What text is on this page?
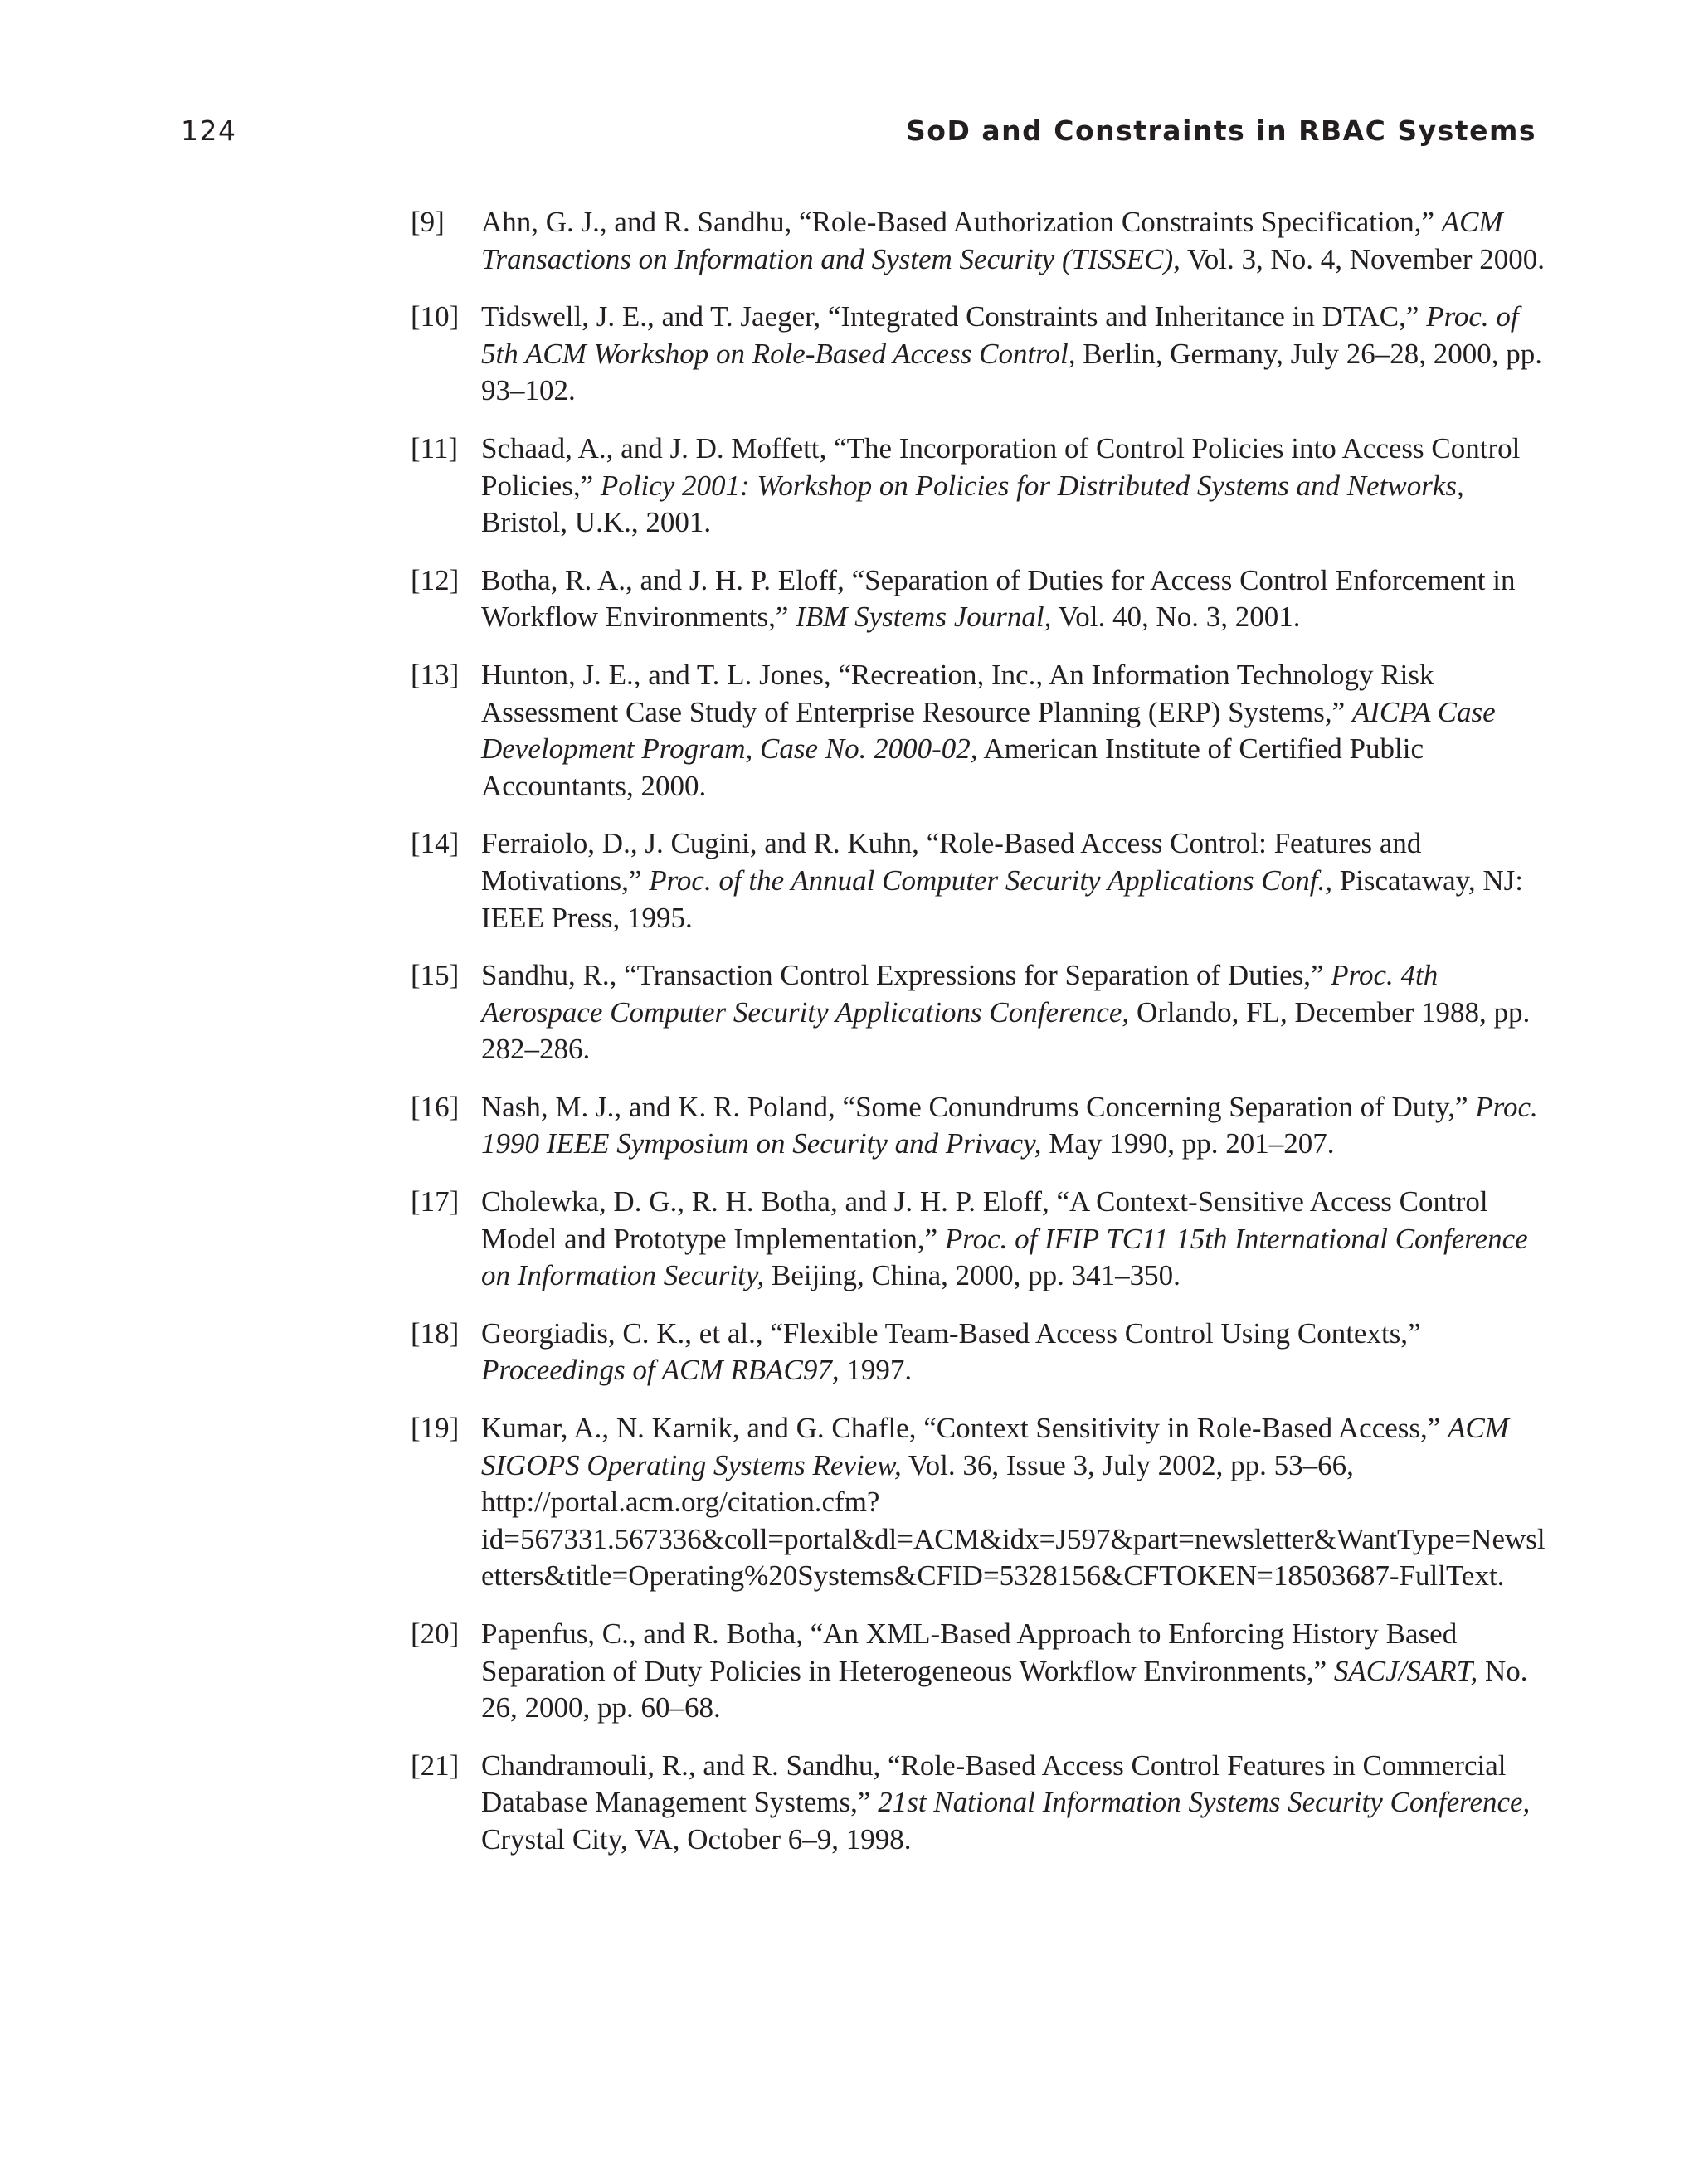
124	SoD and Constraints in RBAC Systems
[9]	Ahn, G. J., and R. Sandhu, “Role-Based Authorization Constraints Specification,” ACM Transactions on Information and System Security (TISSEC), Vol. 3, No. 4, November 2000.
[10] Tidswell, J. E., and T. Jaeger, “Integrated Constraints and Inheritance in DTAC,” Proc. of 5th ACM Workshop on Role-Based Access Control, Berlin, Germany, July 26–28, 2000, pp. 93–102.
[11] Schaad, A., and J. D. Moffett, “The Incorporation of Control Policies into Access Control Policies,” Policy 2001: Workshop on Policies for Distributed Systems and Networks, Bristol, U.K., 2001.
[12] Botha, R. A., and J. H. P. Eloff, “Separation of Duties for Access Control Enforcement in Workflow Environments,” IBM Systems Journal, Vol. 40, No. 3, 2001.
[13] Hunton, J. E., and T. L. Jones, “Recreation, Inc., An Information Technology Risk Assessment Case Study of Enterprise Resource Planning (ERP) Systems,” AICPA Case Development Program, Case No. 2000-02, American Institute of Certified Public Accountants, 2000.
[14] Ferraiolo, D., J. Cugini, and R. Kuhn, “Role-Based Access Control: Features and Motivations,” Proc. of the Annual Computer Security Applications Conf., Piscataway, NJ: IEEE Press, 1995.
[15] Sandhu, R., “Transaction Control Expressions for Separation of Duties,” Proc. 4th Aerospace Computer Security Applications Conference, Orlando, FL, December 1988, pp. 282–286.
[16] Nash, M. J., and K. R. Poland, “Some Conundrums Concerning Separation of Duty,” Proc. 1990 IEEE Symposium on Security and Privacy, May 1990, pp. 201–207.
[17] Cholewka, D. G., R. H. Botha, and J. H. P. Eloff, “A Context-Sensitive Access Control Model and Prototype Implementation,” Proc. of IFIP TC11 15th International Conference on Information Security, Beijing, China, 2000, pp. 341–350.
[18] Georgiadis, C. K., et al., “Flexible Team-Based Access Control Using Contexts,” Proceedings of ACM RBAC97, 1997.
[19] Kumar, A., N. Karnik, and G. Chafle, “Context Sensitivity in Role-Based Access,” ACM SIGOPS Operating Systems Review, Vol. 36, Issue 3, July 2002, pp. 53–66, http://portal.acm.org/citation.cfm?id=567331.567336&coll=portal&dl=ACM&idx=J597&part=newsletter&WantType=Newsletters&title=Operating%20Systems&CFID=5328156&CFTOKEN=18503687-FullText.
[20] Papenfus, C., and R. Botha, “An XML-Based Approach to Enforcing History Based Separation of Duty Policies in Heterogeneous Workflow Environments,” SACJ/SART, No. 26, 2000, pp. 60–68.
[21] Chandramouli, R., and R. Sandhu, “Role-Based Access Control Features in Commercial Database Management Systems,” 21st National Information Systems Security Conference, Crystal City, VA, October 6–9, 1998.
